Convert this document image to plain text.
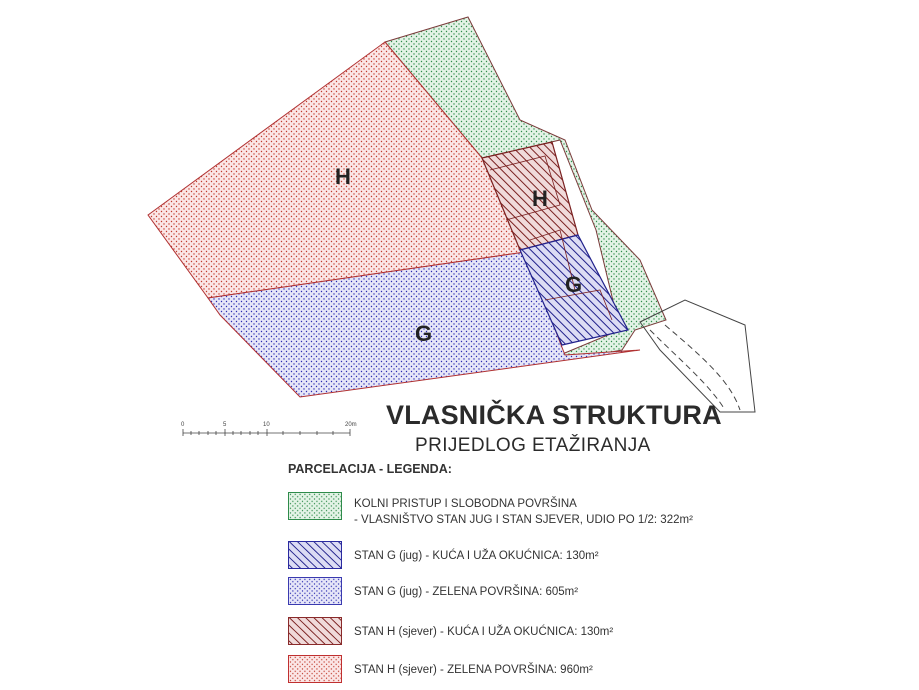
H
H
G
G
0	5	10	20m VLASNIČKA STRUKTURA
PRIJEDLOG ETAŽIRANJA
PARCELACIJA - LEGENDA:
KOLNI PRISTUP I SLOBODNA POVRŠINA
- VLASNIŠTVO STAN JUG I STAN SJEVER, UDIO PO 1/2: 322m²
STAN G (jug) - KUĆA I UŽA OKUĆNICA: 130m²
STAN G (jug) - ZELENA POVRŠINA: 605m²
STAN H (sjever) - KUĆA I UŽA OKUĆNICA: 130m²
STAN H (sjever) - ZELENA POVRŠINA: 960m²
